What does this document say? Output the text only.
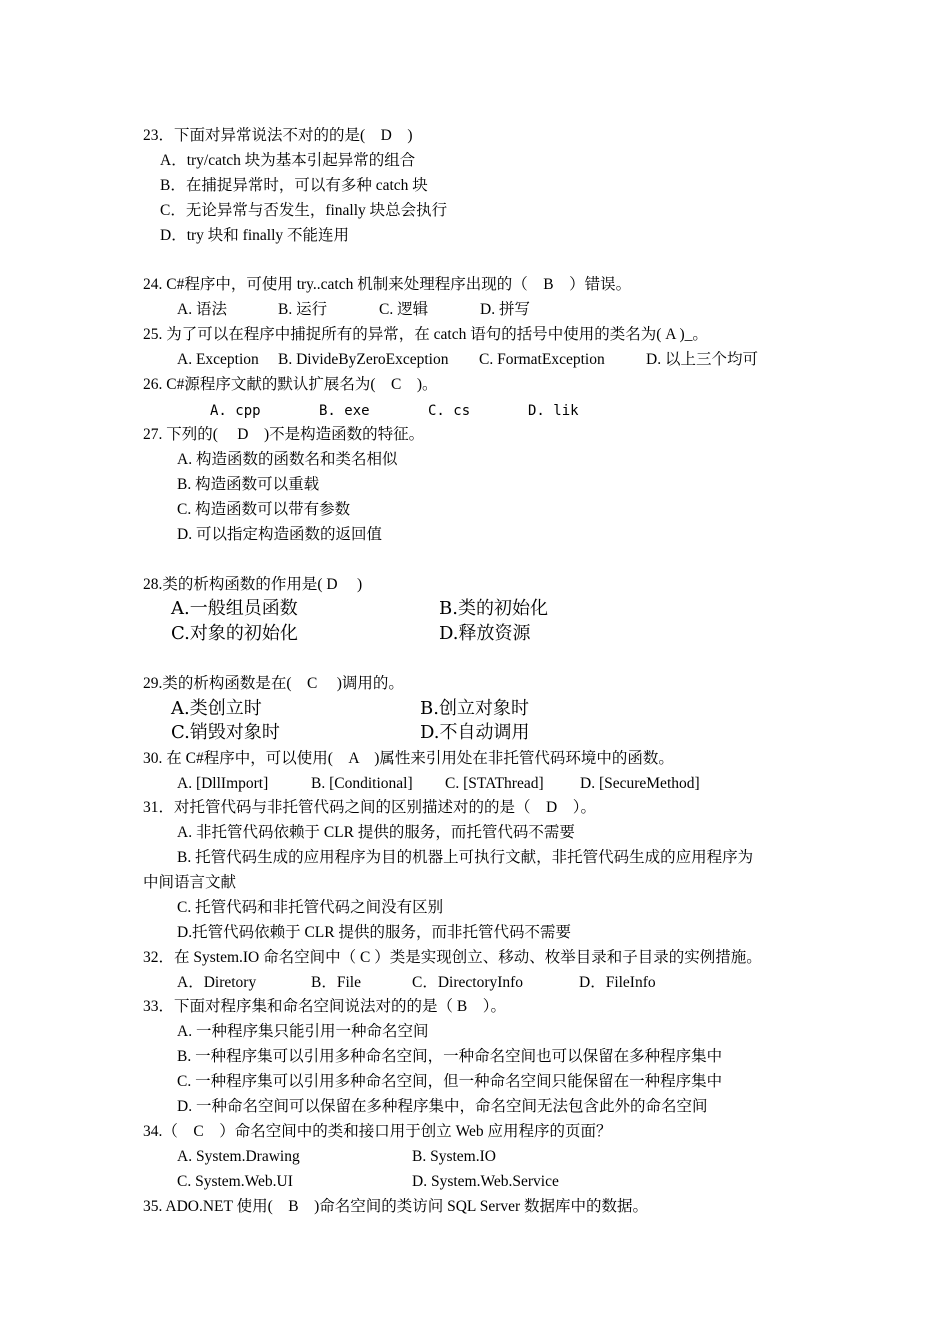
23．下面对异常说法不对的的是(　D　)
A．try/catch 块为基本引起异常的组合
B．在捕捉异常时，可以有多种 catch 块
C．无论异常与否发生，finally 块总会执行
D．try 块和 finally 不能连用
24. C#程序中，可使用 try..catch 机制来处理程序出现的（　B　）错误。
A. 语法	B. 运行	C. 逻辑	D. 拼写
25. 为了可以在程序中捕捉所有的异常，在 catch 语句的括号中使用的类名为( A )_。
A. Exception B. DivideByZeroException C. FormatException	D. 以上三个均可
26. C#源程序文献的默认扩展名为(　C　)。
A. cpp	B. exe	C. cs	D. lik
27. 下列的(　 D　)不是构造函数的特征。
A. 构造函数的函数名和类名相似
B. 构造函数可以重载
C. 构造函数可以带有参数
D. 可以指定构造函数的返回值
28.类的析构函数的作用是( D　 )
A.一般组员函数	B.类的初始化
C.对象的初始化	D.释放资源
29.类的析构函数是在(　C　 )调用的。
A.类创立时	B.创立对象时
C.销毁对象时	D.不自动调用
30. 在 C#程序中，可以使用(　A　)属性来引用处在非托管代码环境中的函数。
A. [DllImport]	B. [Conditional] C. [STAThread] D. [SecureMethod]
31．对托管代码与非托管代码之间的区别描述对的的是（　D　）。
A. 非托管代码依赖于 CLR 提供的服务，而托管代码不需要
B. 托管代码生成的应用程序为目的机器上可执行文献，非托管代码生成的应用程序为
中间语言文献
C. 托管代码和非托管代码之间没有区别
D.托管代码依赖于 CLR 提供的服务，而非托管代码不需要
32．在 System.IO 命名空间中（ C ）类是实现创立、移动、枚举目录和子目录的实例措施。
A．Diretory	B．File	C．DirectoryInfo	D．FileInfo
33．下面对程序集和命名空间说法对的的是（ B　）。
A. 一种程序集只能引用一种命名空间
B. 一种程序集可以引用多种命名空间，一种命名空间也可以保留在多种程序集中
C. 一种程序集可以引用多种命名空间，但一种命名空间只能保留在一种程序集中
D. 一种命名空间可以保留在多种程序集中，命名空间无法包含此外的命名空间
34.（　C　）命名空间中的类和接口用于创立 Web 应用程序的页面？
A. System.Drawing	B. System.IO
C. System.Web.UI	D. System.Web.Service
35. ADO.NET 使用(　B　)命名空间的类访问 SQL Server 数据库中的数据。
